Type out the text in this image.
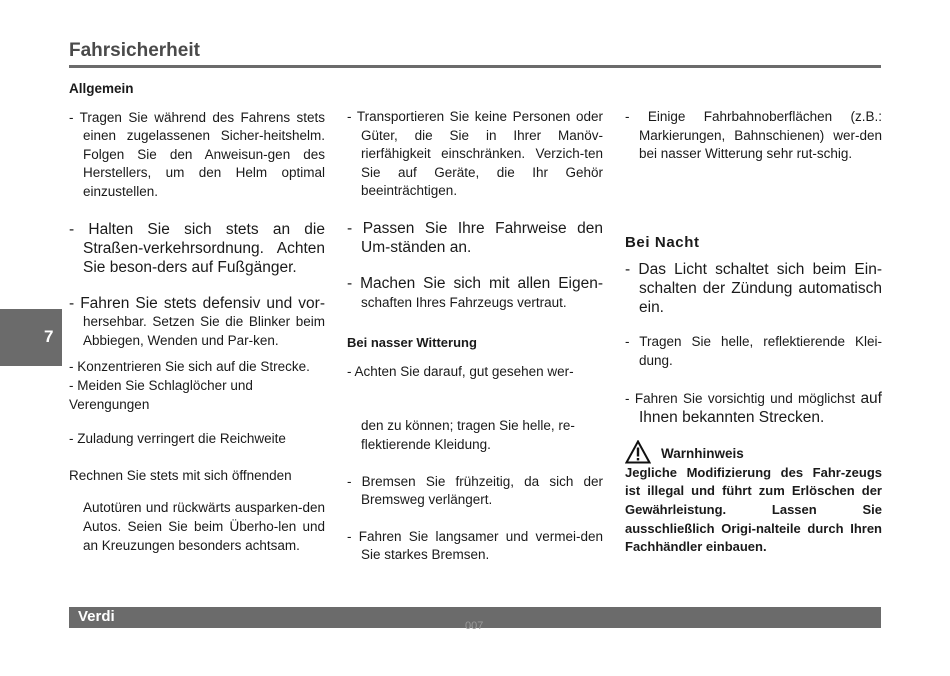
Fahrsicherheit
7

Allgemein

- Tragen Sie während des Fahrens stets einen zugelassenen Sicher-heitshelm. Folgen Sie den Anweisun-gen des Herstellers, um den Helm optimal einzustellen.

- Halten Sie sich stets an die Straßen-verkehrsordnung. Achten Sie beson-ders auf Fußgänger.

- Fahren Sie stets defensiv und vor- hersehbar. Setzen Sie die Blinker beim Abbiegen, Wenden und Par-ken.

- Konzentrieren Sie sich auf die Strecke.

- Meiden Sie Schlaglöcher und Verengungen

- Zuladung verringert die Reichweite

Rechnen Sie stets mit sich öffnenden

Autotüren und rückwärts ausparken-den Autos. Seien Sie beim Überho-len und an Kreuzungen besonders achtsam.

- Transportieren Sie keine Personen oder Güter, die Sie in Ihrer Manöv-rierfähigkeit einschränken. Verzich-ten Sie auf Geräte, die Ihr Gehör beeinträchtigen.

- Passen Sie Ihre Fahrweise den Um-ständen an.

- Machen Sie sich mit allen Eigen- schaften Ihres Fahrzeugs vertraut.

Bei nasser Witterung

- Achten Sie darauf, gut gesehen wer-

den zu können; tragen Sie helle, re-flektierende Kleidung.

- Bremsen Sie frühzeitig, da sich der Bremsweg verlängert.

- Fahren Sie langsamer und vermei-den Sie starkes Bremsen.

- Einige Fahrbahnoberflächen (z.B.: Markierungen, Bahnschienen) wer-den bei nasser Witterung sehr rut-schig.

Bei Nacht

- Das Licht schaltet sich beim Ein-schalten der Zündung automatisch ein.

- Tragen Sie helle, reflektierende Klei-dung.

- Fahren Sie vorsichtig und möglichst auf Ihnen bekannten Strecken.

Warnhinweis

Jegliche Modifizierung des Fahr-zeugs ist illegal und führt zum Erlöschen der Gewährleistung. Lassen Sie ausschließlich Origi-nalteile durch Ihren Fachhändler einbauen.

Verdi
007
